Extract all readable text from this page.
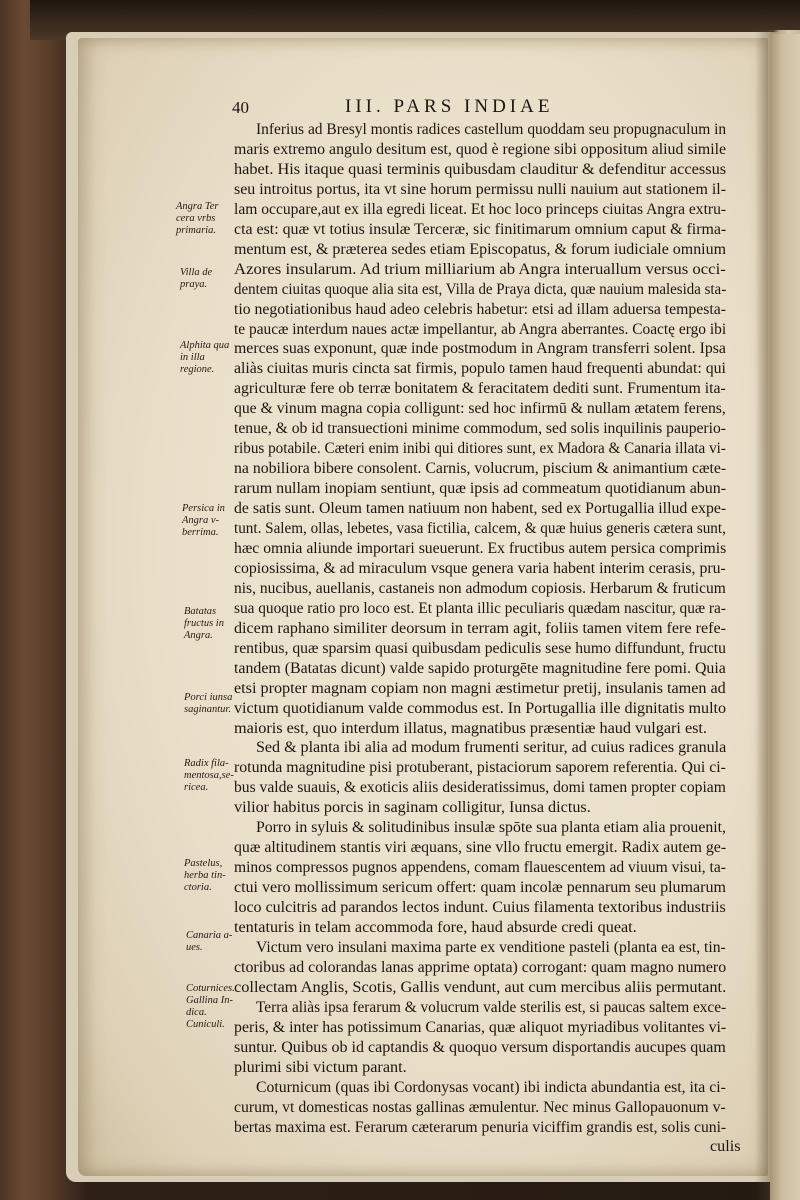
40	III. PARS INDIAE
Angra Ter cera vrbs primaria.
Villa de praya.
Alphita qua in illa regione.
Persica in Angra v- berrima.
Batatas fructus in Angra.
Porci iunsa saginantur.
Radix fila- mentosa,se- ricea.
Pastelus, herba tin- ctoria.
Canaria a- ues.
Coturnices. Gallina In- dica. Cuniculi.
Inferius ad Bresyl montis radices castellum quoddam seu propugnaculum in
maris extremo angulo desitum est, quod è regione sibi oppositum aliud simile
habet. His itaque quasi terminis quibusdam clauditur & defenditur accessus
seu introitus portus, ita vt sine horum permissu nulli nauium aut stationem il-
lam occupare,aut ex illa egredi liceat. Et hoc loco princeps ciuitas Angra extru-
cta est: quæ vt totius insulæ Terceræ, sic finitimarum omnium caput & firma-
mentum est, & præterea sedes etiam Episcopatus, & forum iudiciale omnium
Azores insularum. Ad trium milliarium ab Angra interuallum versus occi-
dentem ciuitas quoque alia sita est, Villa de Praya dicta, quæ nauium malesida sta-
tio negotiationibus haud adeo celebris habetur: etsi ad illam aduersa tempesta-
te paucæ interdum naues actæ impellantur, ab Angra aberrantes. Coactę ergo ibi
merces suas exponunt, quæ inde postmodum in Angram transferri solent. Ipsa
aliàs ciuitas muris cincta sat firmis, populo tamen haud frequenti abundat: qui
agriculturæ fere ob terræ bonitatem & feracitatem dediti sunt. Frumentum ita-
que & vinum magna copia colligunt: sed hoc infirmū & nullam ætatem ferens,
tenue, & ob id transuectioni minime commodum, sed solis inquilinis pauperio-
ribus potabile. Cæteri enim inibi qui ditiores sunt, ex Madora & Canaria illata vi-
na nobiliora bibere consolent. Carnis, volucrum, piscium & animantium cæte-
rarum nullam inopiam sentiunt, quæ ipsis ad commeatum quotidianum abun-
de satis sunt. Oleum tamen natiuum non habent, sed ex Portugallia illud expe-
tunt. Salem, ollas, lebetes, vasa fictilia, calcem, & quæ huius generis cætera sunt,
hæc omnia aliunde importari sueuerunt. Ex fructibus autem persica comprimis
copiosissima, & ad miraculum vsque genera varia habent interim cerasis, pru-
nis, nucibus, auellanis, castaneis non admodum copiosis. Herbarum & fruticum
sua quoque ratio pro loco est. Et planta illic peculiaris quædam nascitur, quæ ra-
dicem raphano similiter deorsum in terram agit, foliis tamen vitem fere refe-
rentibus, quæ sparsim quasi quibusdam pediculis sese humo diffundunt, fructu
tandem (Batatas dicunt) valde sapido proturgēte magnitudine fere pomi. Quia
etsi propter magnam copiam non magni æstimetur pretij, insulanis tamen ad
victum quotidianum valde commodus est. In Portugallia ille dignitatis multo
maioris est, quo interdum illatus, magnatibus præsentiæ haud vulgari est.
Sed & planta ibi alia ad modum frumenti seritur, ad cuius radices granula
rotunda magnitudine pisi protuberant, pistaciorum saporem referentia. Qui ci-
bus valde suauis, & exoticis aliis desideratissimus, domi tamen propter copiam
vilior habitus porcis in saginam colligitur, Iunsa dictus.
Porro in syluis & solitudinibus insulæ spōte sua planta etiam alia prouenit,
quæ altitudinem stantis viri æquans, sine vllo fructu emergit. Radix autem ge-
minos compressos pugnos appendens, comam flauescentem ad viuum visui, ta-
ctui vero mollissimum sericum offert: quam incolæ pennarum seu plumarum
loco culcitris ad parandos lectos indunt. Cuius filamenta textoribus industriis
tentaturis in telam accommoda fore, haud absurde credi queat.
Victum vero insulani maxima parte ex venditione pasteli (planta ea est, tin-
ctoribus ad colorandas lanas apprime optata) corrogant: quam magno numero
collectam Anglis, Scotis, Gallis vendunt, aut cum mercibus aliis permutant.
Terra aliàs ipsa ferarum & volucrum valde sterilis est, si paucas saltem exce-
peris, & inter has potissimum Canarias, quæ aliquot myriadibus volitantes vi-
suntur. Quibus ob id captandis & quoquo versum disportandis aucupes quam
plurimi sibi victum parant.
Coturnicum (quas ibi Cordonysas vocant) ibi indicta abundantia est, ita ci-
curum, vt domesticas nostas gallinas æmulentur. Nec minus Gallopauonum v-
bertas maxima est. Ferarum cæterarum penuria viciffim grandis est, solis cuni-
culis
